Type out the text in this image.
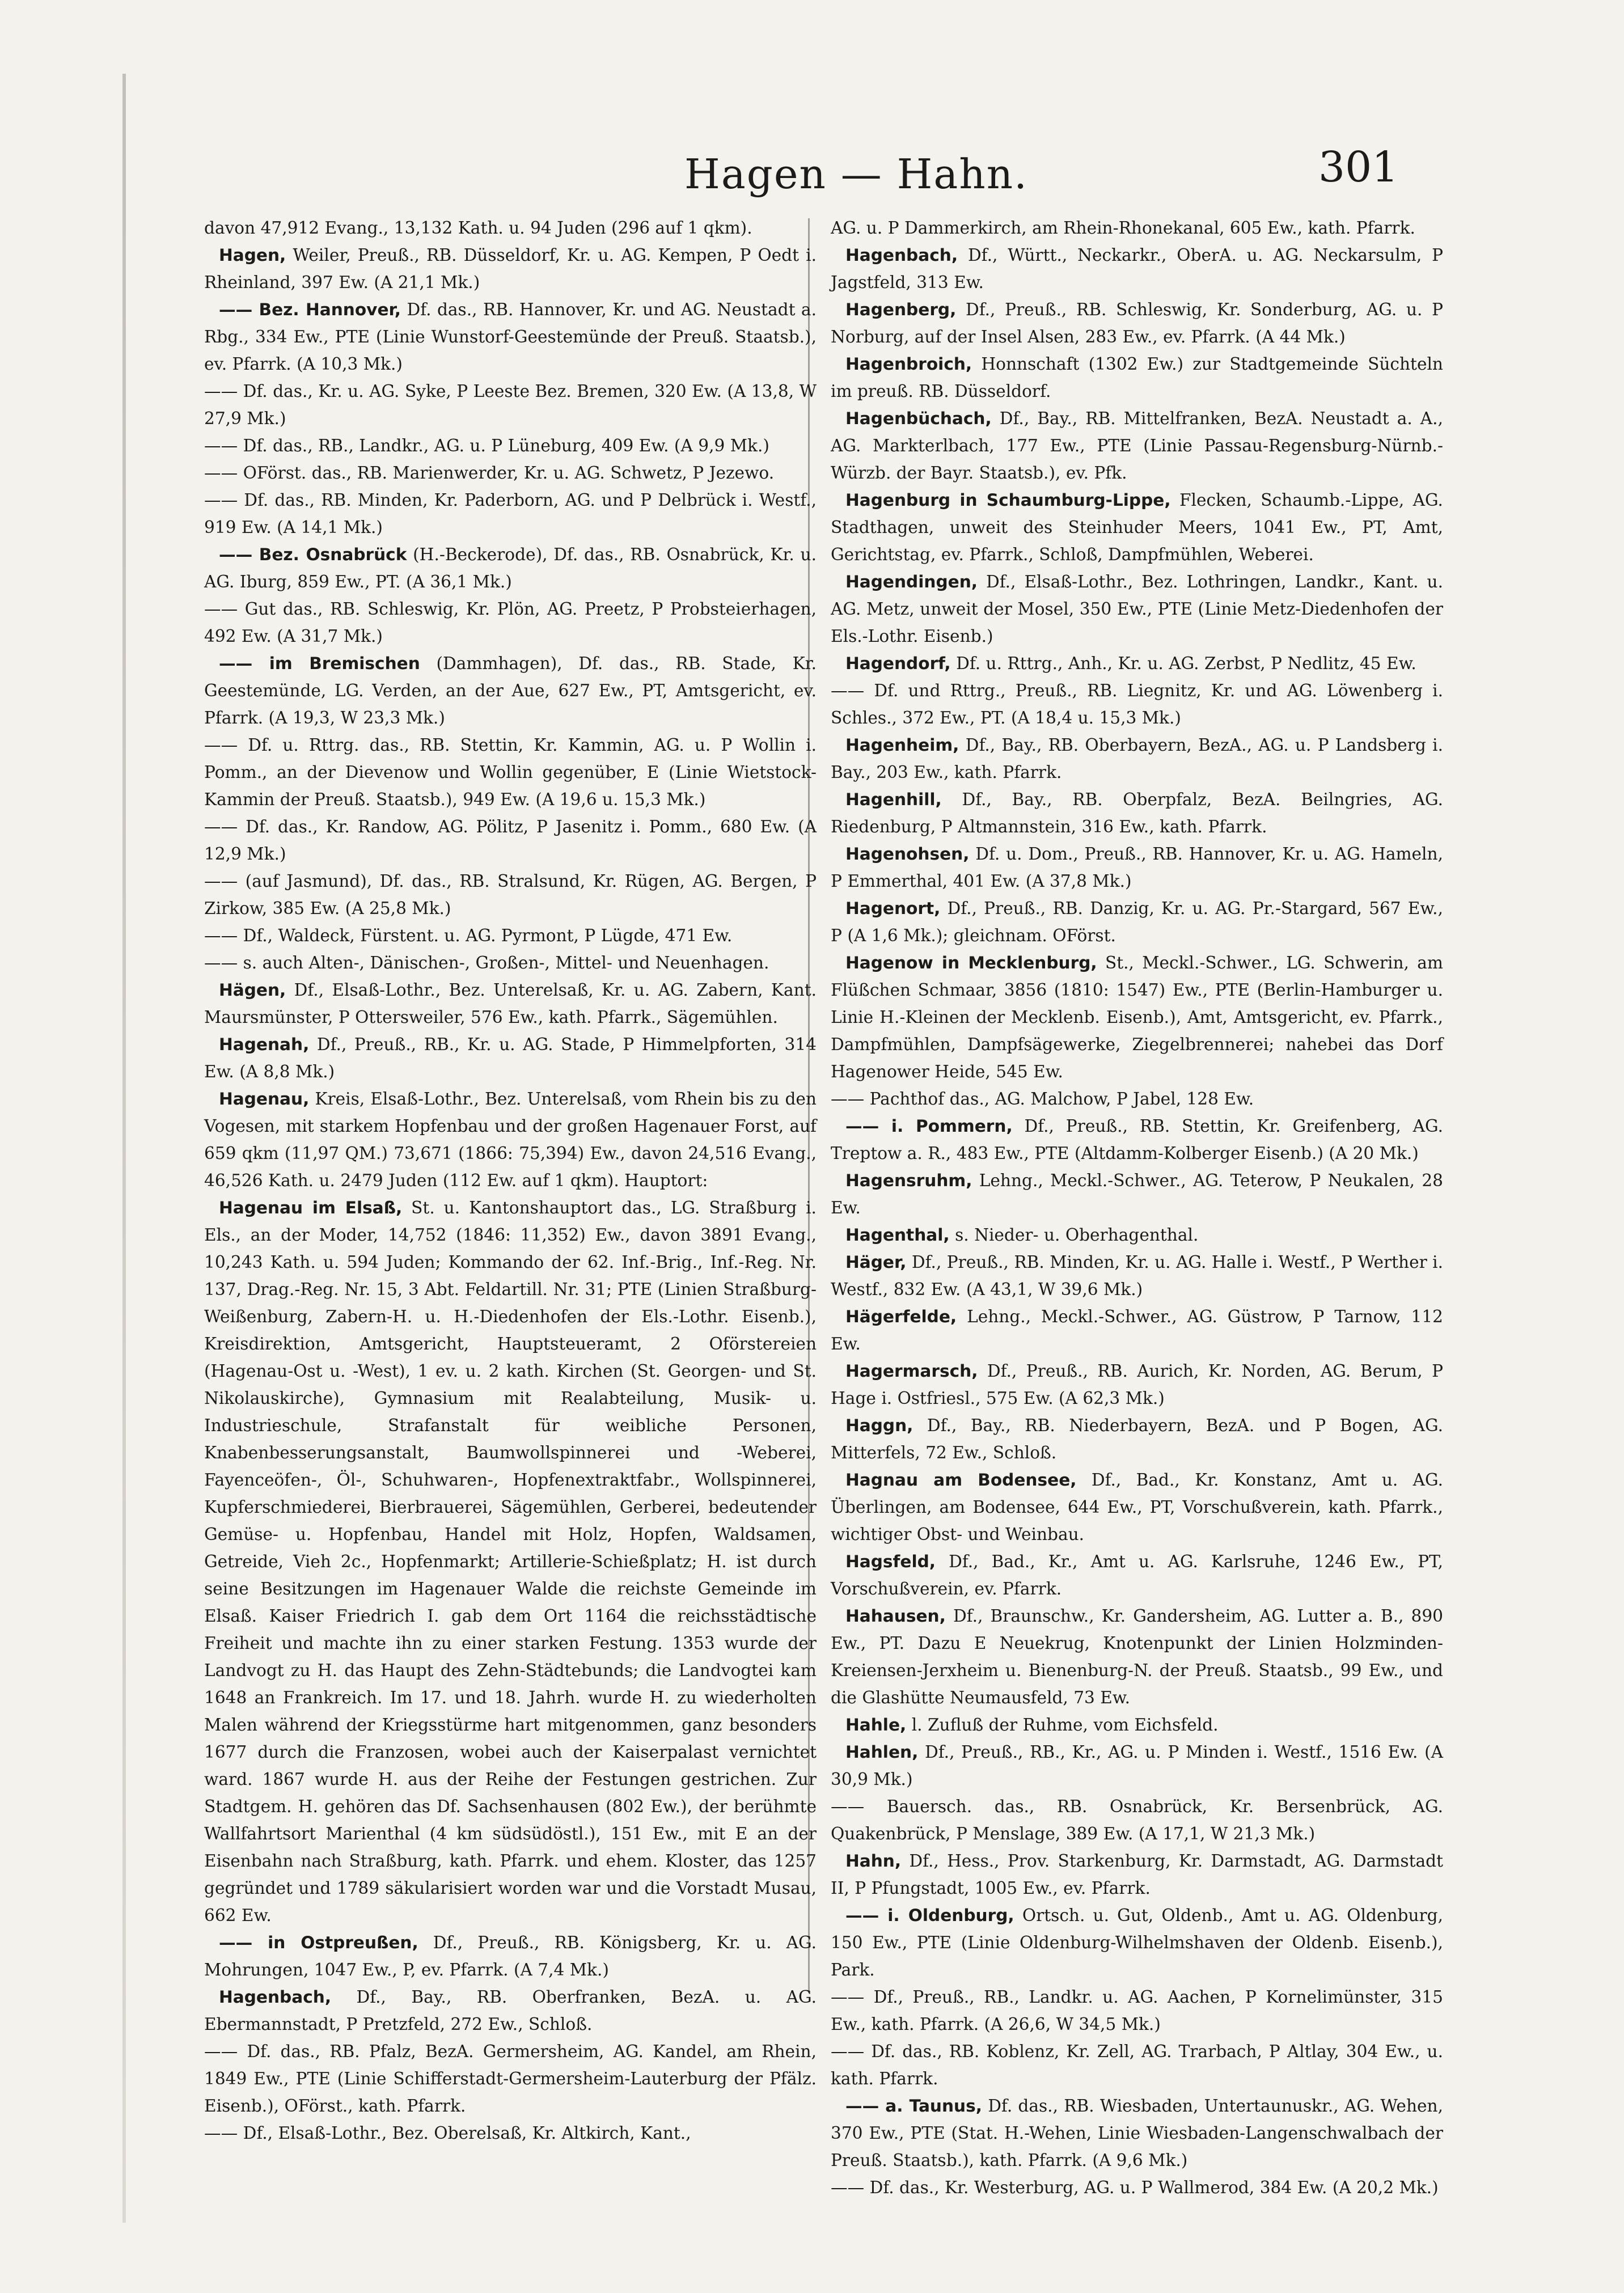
Hagen — Hahn.	301

davon 47,912 Evang., 13,132 Kath. u. 94 Juden (296 auf 1 qkm).

Hagen, Weiler, Preuß., RB. Düsseldorf, Kr. u. AG. Kempen, P Oedt i. Rheinland, 397 Ew. (A 21,1 Mk.)

—— Bez. Hannover, Df. das., RB. Hannover, Kr. und AG. Neustadt a. Rbg., 334 Ew., PTE (Linie Wunstorf-Geestemünde der Preuß. Staatsb.), ev. Pfarrk. (A 10,3 Mk.)

—— Df. das., Kr. u. AG. Syke, P Leeste Bez. Bremen, 320 Ew. (A 13,8, W 27,9 Mk.)

—— Df. das., RB., Landkr., AG. u. P Lüneburg, 409 Ew. (A 9,9 Mk.)

—— OFörst. das., RB. Marienwerder, Kr. u. AG. Schwetz, P Jezewo.

—— Df. das., RB. Minden, Kr. Paderborn, AG. und P Delbrück i. Westf., 919 Ew. (A 14,1 Mk.)

—— Bez. Osnabrück (H.-Beckerode), Df. das., RB. Osnabrück, Kr. u. AG. Iburg, 859 Ew., PT. (A 36,1 Mk.)

—— Gut das., RB. Schleswig, Kr. Plön, AG. Preetz, P Probsteierhagen, 492 Ew. (A 31,7 Mk.)

—— im Bremischen (Dammhagen), Df. das., RB. Stade, Kr. Geestemünde, LG. Verden, an der Aue, 627 Ew., PT, Amtsgericht, ev. Pfarrk. (A 19,3, W 23,3 Mk.)

—— Df. u. Rttrg. das., RB. Stettin, Kr. Kammin, AG. u. P Wollin i. Pomm., an der Dievenow und Wollin gegenüber, E (Linie Wietstock-Kammin der Preuß. Staatsb.), 949 Ew. (A 19,6 u. 15,3 Mk.)

—— Df. das., Kr. Randow, AG. Pölitz, P Jasenitz i. Pomm., 680 Ew. (A 12,9 Mk.)

—— (auf Jasmund), Df. das., RB. Stralsund, Kr. Rügen, AG. Bergen, P Zirkow, 385 Ew. (A 25,8 Mk.)

—— Df., Waldeck, Fürstent. u. AG. Pyrmont, P Lügde, 471 Ew.

—— s. auch Alten-, Dänischen-, Großen-, Mittel- und Neuenhagen.

Hägen, Df., Elsaß-Lothr., Bez. Unterelsaß, Kr. u. AG. Zabern, Kant. Maursmünster, P Ottersweiler, 576 Ew., kath. Pfarrk., Sägemühlen.

Hagenah, Df., Preuß., RB., Kr. u. AG. Stade, P Himmelpforten, 314 Ew. (A 8,8 Mk.)

Hagenau, Kreis, Elsaß-Lothr., Bez. Unterelsaß, vom Rhein bis zu den Vogesen, mit starkem Hopfenbau und der großen Hagenauer Forst, auf 659 qkm (11,97 QM.) 73,671 (1866: 75,394) Ew., davon 24,516 Evang., 46,526 Kath. u. 2479 Juden (112 Ew. auf 1 qkm). Hauptort:

Hagenau im Elsaß, St. u. Kantonshauptort das., LG. Straßburg i. Els., an der Moder, 14,752 (1846: 11,352) Ew., davon 3891 Evang., 10,243 Kath. u. 594 Juden; Kommando der 62. Inf.-Brig., Inf.-Reg. Nr. 137, Drag.-Reg. Nr. 15, 3 Abt. Feldartill. Nr. 31; PTE (Linien Straßburg-Weißenburg, Zabern-H. u. H.-Diedenhofen der Els.-Lothr. Eisenb.), Kreisdirektion, Amtsgericht, Hauptsteueramt, 2 Oförstereien (Hagenau-Ost u. -West), 1 ev. u. 2 kath. Kirchen (St. Georgen- und St. Nikolauskirche), Gymnasium mit Realabteilung, Musik- u. Industrieschule, Strafanstalt für weibliche Personen, Knabenbesserungsanstalt, Baumwollspinnerei und -Weberei, Fayenceöfen-, Öl-, Schuhwaren-, Hopfenextraktfabr., Wollspinnerei, Kupferschmiederei, Bierbrauerei, Sägemühlen, Gerberei, bedeutender Gemüse- u. Hopfenbau, Handel mit Holz, Hopfen, Waldsamen, Getreide, Vieh 2c., Hopfenmarkt; Artillerie-Schießplatz; H. ist durch seine Besitzungen im Hagenauer Walde die reichste Gemeinde im Elsaß. Kaiser Friedrich I. gab dem Ort 1164 die reichsstädtische Freiheit und machte ihn zu einer starken Festung. 1353 wurde der Landvogt zu H. das Haupt des Zehn-Städtebunds; die Landvogtei kam 1648 an Frankreich. Im 17. und 18. Jahrh. wurde H. zu wiederholten Malen während der Kriegsstürme hart mitgenommen, ganz besonders 1677 durch die Franzosen, wobei auch der Kaiserpalast vernichtet ward. 1867 wurde H. aus der Reihe der Festungen gestrichen. Zur Stadtgem. H. gehören das Df. Sachsenhausen (802 Ew.), der berühmte Wallfahrtsort Marienthal (4 km südsüdöstl.), 151 Ew., mit E an der Eisenbahn nach Straßburg, kath. Pfarrk. und ehem. Kloster, das 1257 gegründet und 1789 säkularisiert worden war und die Vorstadt Musau, 662 Ew.

—— in Ostpreußen, Df., Preuß., RB. Königsberg, Kr. u. AG. Mohrungen, 1047 Ew., P, ev. Pfarrk. (A 7,4 Mk.)

Hagenbach, Df., Bay., RB. Oberfranken, BezA. u. AG. Ebermannstadt, P Pretzfeld, 272 Ew., Schloß.

—— Df. das., RB. Pfalz, BezA. Germersheim, AG. Kandel, am Rhein, 1849 Ew., PTE (Linie Schifferstadt-Germersheim-Lauterburg der Pfälz. Eisenb.), OFörst., kath. Pfarrk.

—— Df., Elsaß-Lothr., Bez. Oberelsaß, Kr. Altkirch, Kant.,

AG. u. P Dammerkirch, am Rhein-Rhonekanal, 605 Ew., kath. Pfarrk.

Hagenbach, Df., Württ., Neckarkr., OberA. u. AG. Neckarsulm, P Jagstfeld, 313 Ew.

Hagenberg, Df., Preuß., RB. Schleswig, Kr. Sonderburg, AG. u. P Norburg, auf der Insel Alsen, 283 Ew., ev. Pfarrk. (A 44 Mk.)

Hagenbroich, Honnschaft (1302 Ew.) zur Stadtgemeinde Süchteln im preuß. RB. Düsseldorf.

Hagenbüchach, Df., Bay., RB. Mittelfranken, BezA. Neustadt a. A., AG. Markterlbach, 177 Ew., PTE (Linie Passau-Regensburg-Nürnb.-Würzb. der Bayr. Staatsb.), ev. Pfk.

Hagenburg in Schaumburg-Lippe, Flecken, Schaumb.-Lippe, AG. Stadthagen, unweit des Steinhuder Meers, 1041 Ew., PT, Amt, Gerichtstag, ev. Pfarrk., Schloß, Dampfmühlen, Weberei.

Hagendingen, Df., Elsaß-Lothr., Bez. Lothringen, Landkr., Kant. u. AG. Metz, unweit der Mosel, 350 Ew., PTE (Linie Metz-Diedenhofen der Els.-Lothr. Eisenb.)

Hagendorf, Df. u. Rttrg., Anh., Kr. u. AG. Zerbst, P Nedlitz, 45 Ew.

—— Df. und Rttrg., Preuß., RB. Liegnitz, Kr. und AG. Löwenberg i. Schles., 372 Ew., PT. (A 18,4 u. 15,3 Mk.)

Hagenheim, Df., Bay., RB. Oberbayern, BezA., AG. u. P Landsberg i. Bay., 203 Ew., kath. Pfarrk.

Hagenhill, Df., Bay., RB. Oberpfalz, BezA. Beilngries, AG. Riedenburg, P Altmannstein, 316 Ew., kath. Pfarrk.

Hagenohsen, Df. u. Dom., Preuß., RB. Hannover, Kr. u. AG. Hameln, P Emmerthal, 401 Ew. (A 37,8 Mk.)

Hagenort, Df., Preuß., RB. Danzig, Kr. u. AG. Pr.-Stargard, 567 Ew., P (A 1,6 Mk.); gleichnam. OFörst.

Hagenow in Mecklenburg, St., Meckl.-Schwer., LG. Schwerin, am Flüßchen Schmaar, 3856 (1810: 1547) Ew., PTE (Berlin-Hamburger u. Linie H.-Kleinen der Mecklenb. Eisenb.), Amt, Amtsgericht, ev. Pfarrk., Dampfmühlen, Dampfsägewerke, Ziegelbrennerei; nahebei das Dorf Hagenower Heide, 545 Ew.

—— Pachthof das., AG. Malchow, P Jabel, 128 Ew.

—— i. Pommern, Df., Preuß., RB. Stettin, Kr. Greifenberg, AG. Treptow a. R., 483 Ew., PTE (Altdamm-Kolberger Eisenb.) (A 20 Mk.)

Hagensruhm, Lehng., Meckl.-Schwer., AG. Teterow, P Neukalen, 28 Ew.

Hagenthal, s. Nieder- u. Oberhagenthal.

Häger, Df., Preuß., RB. Minden, Kr. u. AG. Halle i. Westf., P Werther i. Westf., 832 Ew. (A 43,1, W 39,6 Mk.)

Hägerfelde, Lehng., Meckl.-Schwer., AG. Güstrow, P Tarnow, 112 Ew.

Hagermarsch, Df., Preuß., RB. Aurich, Kr. Norden, AG. Berum, P Hage i. Ostfriesl., 575 Ew. (A 62,3 Mk.)

Haggn, Df., Bay., RB. Niederbayern, BezA. und P Bogen, AG. Mitterfels, 72 Ew., Schloß.

Hagnau am Bodensee, Df., Bad., Kr. Konstanz, Amt u. AG. Überlingen, am Bodensee, 644 Ew., PT, Vorschußverein, kath. Pfarrk., wichtiger Obst- und Weinbau.

Hagsfeld, Df., Bad., Kr., Amt u. AG. Karlsruhe, 1246 Ew., PT, Vorschußverein, ev. Pfarrk.

Hahausen, Df., Braunschw., Kr. Gandersheim, AG. Lutter a. B., 890 Ew., PT. Dazu E Neuekrug, Knotenpunkt der Linien Holzminden-Kreiensen-Jerxheim u. Bienenburg-N. der Preuß. Staatsb., 99 Ew., und die Glashütte Neumausfeld, 73 Ew.

Hahle, l. Zufluß der Ruhme, vom Eichsfeld.

Hahlen, Df., Preuß., RB., Kr., AG. u. P Minden i. Westf., 1516 Ew. (A 30,9 Mk.)

—— Bauersch. das., RB. Osnabrück, Kr. Bersenbrück, AG. Quakenbrück, P Menslage, 389 Ew. (A 17,1, W 21,3 Mk.)

Hahn, Df., Hess., Prov. Starkenburg, Kr. Darmstadt, AG. Darmstadt II, P Pfungstadt, 1005 Ew., ev. Pfarrk.

—— i. Oldenburg, Ortsch. u. Gut, Oldenb., Amt u. AG. Oldenburg, 150 Ew., PTE (Linie Oldenburg-Wilhelmshaven der Oldenb. Eisenb.), Park.

—— Df., Preuß., RB., Landkr. u. AG. Aachen, P Kornelimünster, 315 Ew., kath. Pfarrk. (A 26,6, W 34,5 Mk.)

—— Df. das., RB. Koblenz, Kr. Zell, AG. Trarbach, P Altlay, 304 Ew., u. kath. Pfarrk.

—— a. Taunus, Df. das., RB. Wiesbaden, Untertaunuskr., AG. Wehen, 370 Ew., PTE (Stat. H.-Wehen, Linie Wiesbaden-Langenschwalbach der Preuß. Staatsb.), kath. Pfarrk. (A 9,6 Mk.)

—— Df. das., Kr. Westerburg, AG. u. P Wallmerod, 384 Ew. (A 20,2 Mk.)
